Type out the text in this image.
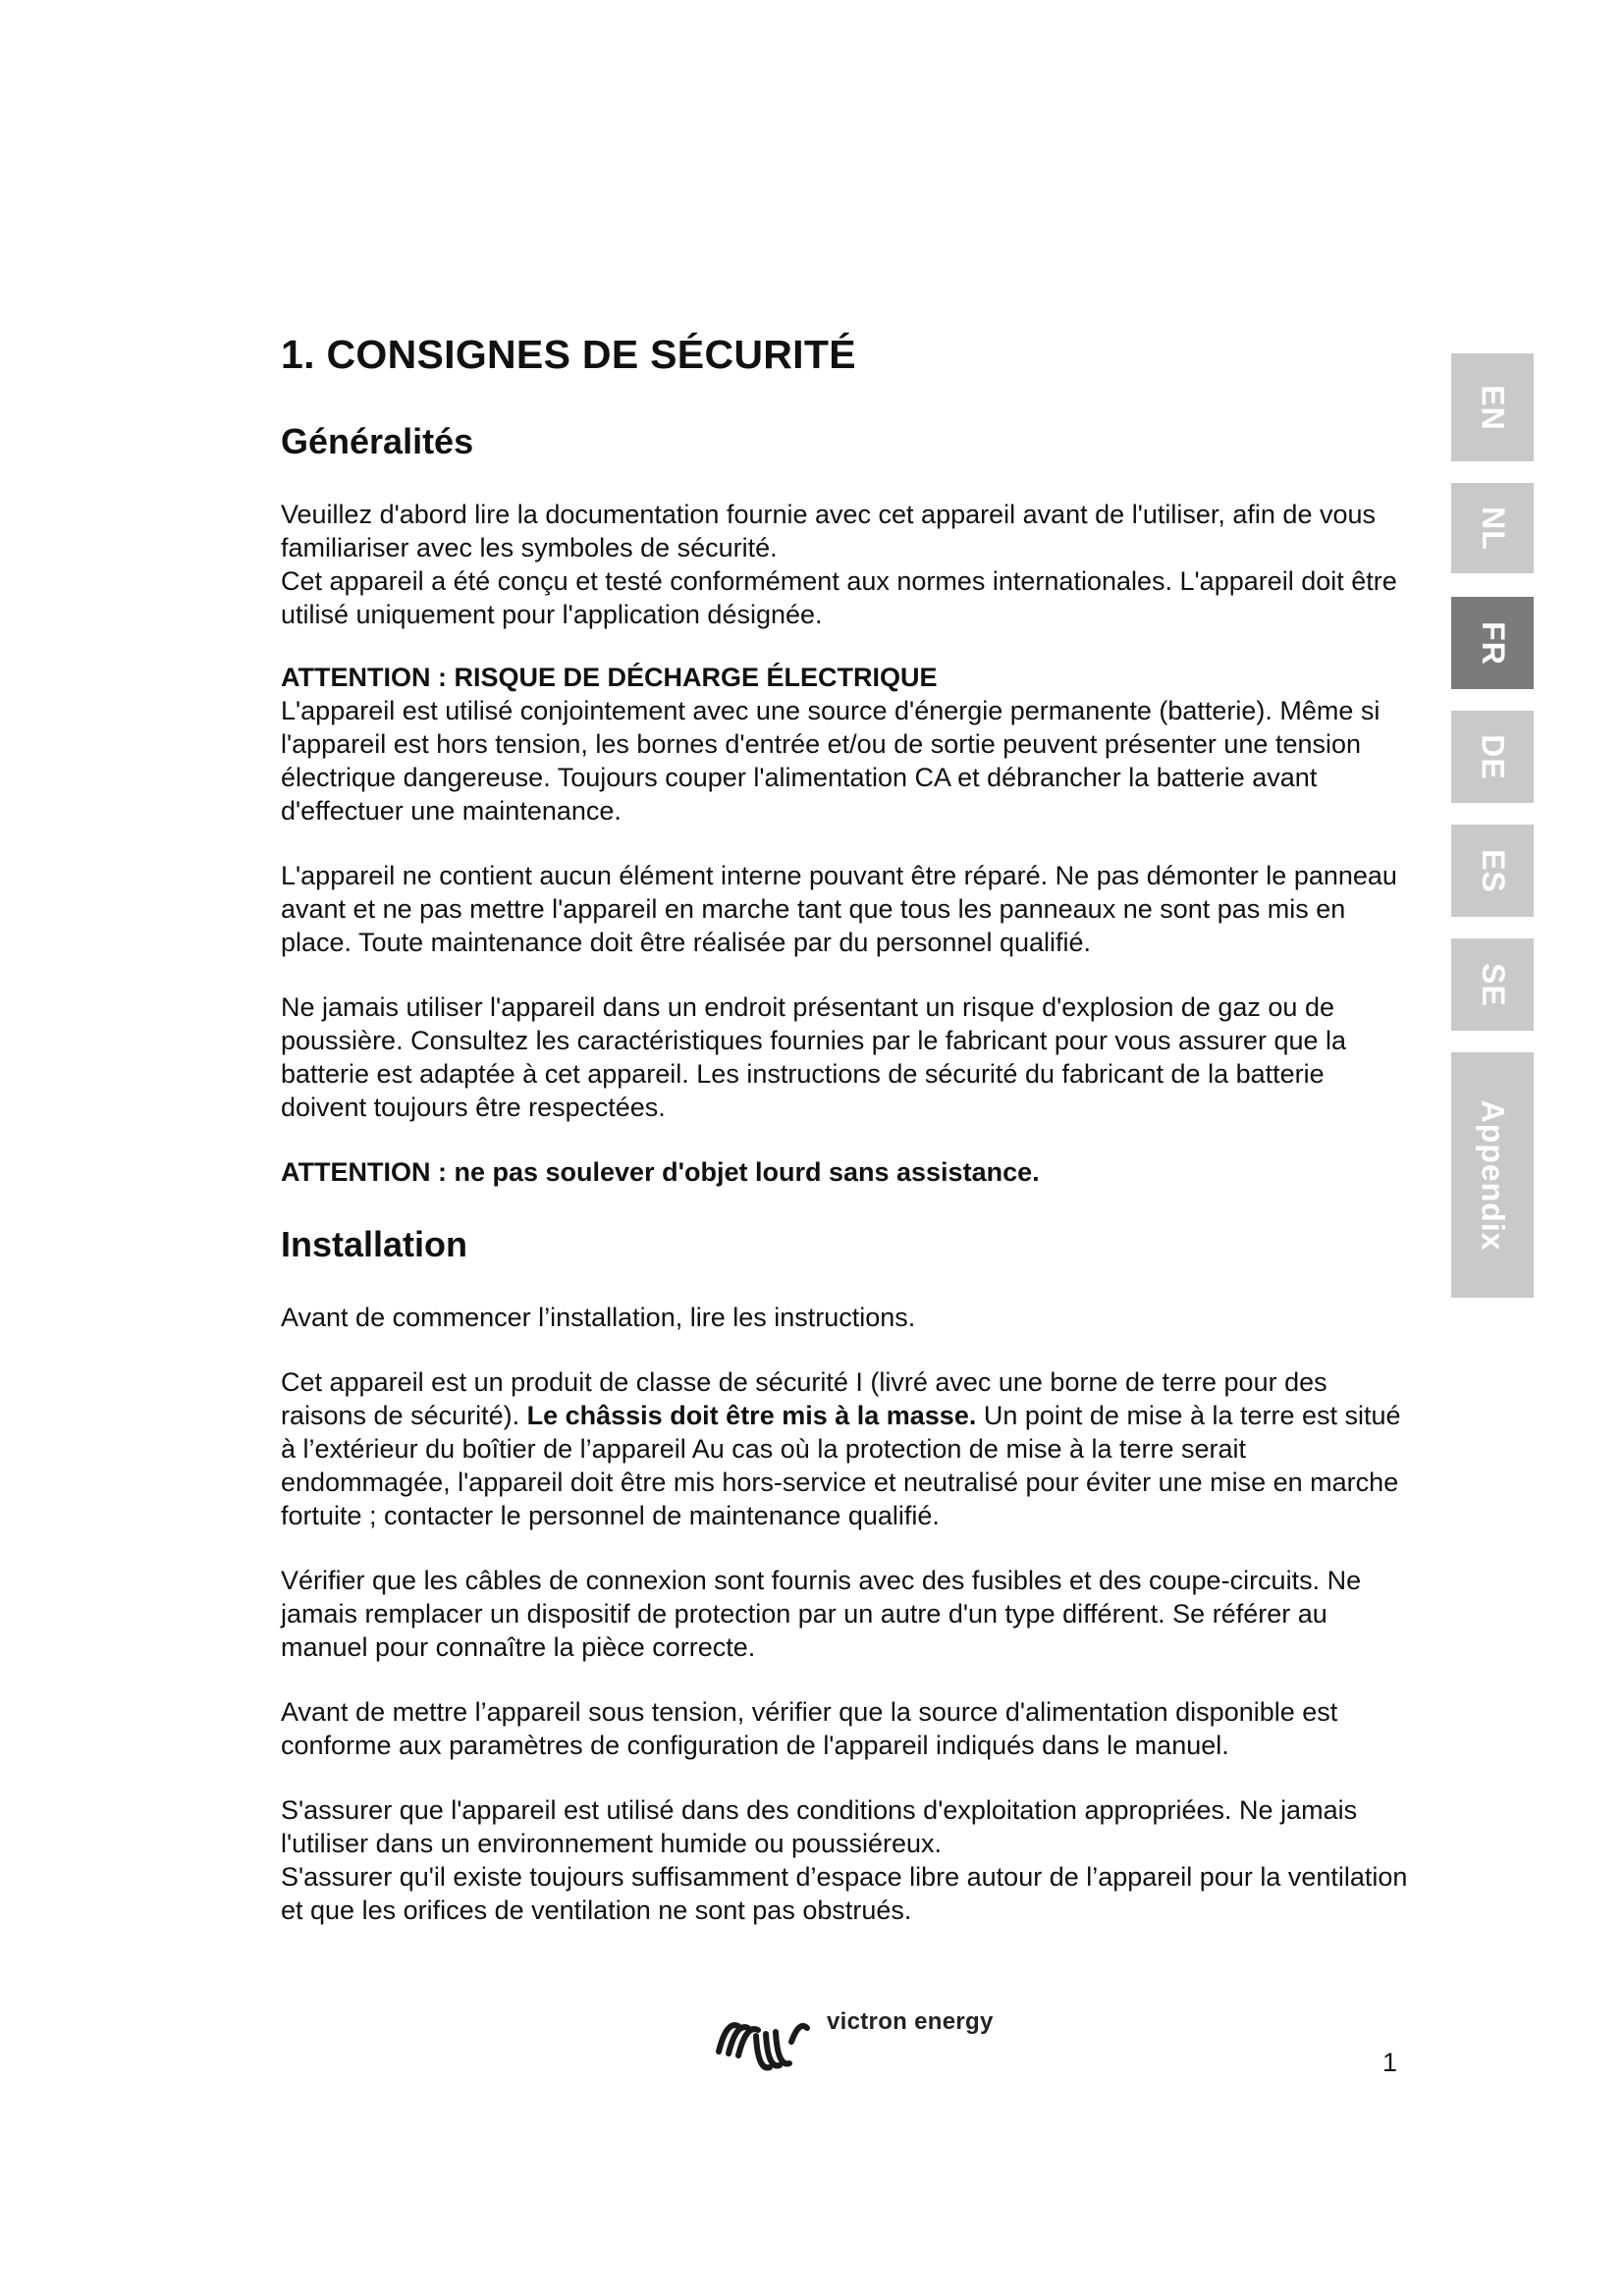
1. CONSIGNES DE SÉCURITÉ
Généralités

Veuillez d'abord lire la documentation fournie avec cet appareil avant de l'utiliser, afin de vous familiariser avec les symboles de sécurité.

Cet appareil a été conçu et testé conformément aux normes internationales. L'appareil doit être utilisé uniquement pour l'application désignée.

ATTENTION : RISQUE DE DÉCHARGE ÉLECTRIQUE

L'appareil est utilisé conjointement avec une source d'énergie permanente (batterie). Même si l'appareil est hors tension, les bornes d'entrée et/ou de sortie peuvent présenter une tension électrique dangereuse. Toujours couper l'alimentation CA et débrancher la batterie avant d'effectuer une maintenance.

L'appareil ne contient aucun élément interne pouvant être réparé. Ne pas démonter le panneau avant et ne pas mettre l'appareil en marche tant que tous les panneaux ne sont pas mis en place. Toute maintenance doit être réalisée par du personnel qualifié.

Ne jamais utiliser l'appareil dans un endroit présentant un risque d'explosion de gaz ou de poussière. Consultez les caractéristiques fournies par le fabricant pour vous assurer que la batterie est adaptée à cet appareil. Les instructions de sécurité du fabricant de la batterie doivent toujours être respectées.

ATTENTION : ne pas soulever d'objet lourd sans assistance.
Installation

Avant de commencer l’installation, lire les instructions.

Cet appareil est un produit de classe de sécurité I (livré avec une borne de terre pour des raisons de sécurité). Le châssis doit être mis à la masse. Un point de mise à la terre est situé à l’extérieur du boîtier de l’appareil Au cas où la protection de mise à la terre serait endommagée, l'appareil doit être mis hors-service et neutralisé pour éviter une mise en marche fortuite ; contacter le personnel de maintenance qualifié.

Vérifier que les câbles de connexion sont fournis avec des fusibles et des coupe-circuits. Ne jamais remplacer un dispositif de protection par un autre d'un type différent. Se référer au manuel pour connaître la pièce correcte.

Avant de mettre l’appareil sous tension, vérifier que la source d'alimentation disponible est conforme aux paramètres de configuration de l'appareil indiqués dans le manuel.

S'assurer que l'appareil est utilisé dans des conditions d'exploitation appropriées. Ne jamais l'utiliser dans un environnement humide ou poussiéreux.

S'assurer qu'il existe toujours suffisamment d’espace libre autour de l’appareil pour la ventilation et que les orifices de ventilation ne sont pas obstrués.

EN
NL
FR
DE
ES
SE
Appendix
victron energy
1
